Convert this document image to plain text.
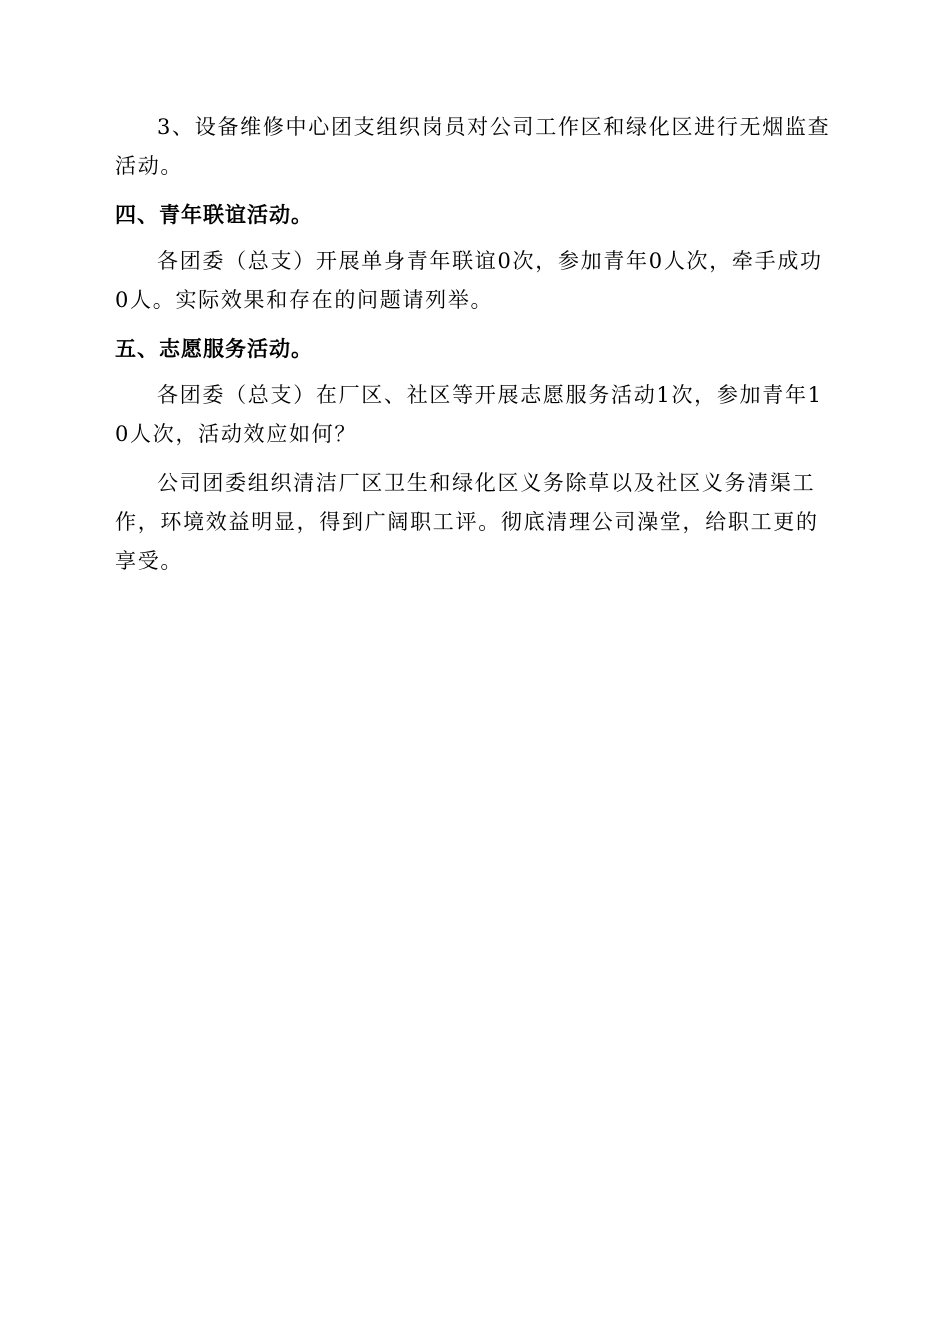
3、设备维修中心团支组织岗员对公司工作区和绿化区进行无烟监查活动。

四、青年联谊活动。

各团委（总支）开展单身青年联谊0次，参加青年0人次，牵手成功0人。实际效果和存在的问题请列举。

五、志愿服务活动。

各团委（总支）在厂区、社区等开展志愿服务活动1次，参加青年10人次，活动效应如何？

公司团委组织清洁厂区卫生和绿化区义务除草以及社区义务清渠工作，环境效益明显，得到广阔职工评。彻底清理公司澡堂，给职工更的享受。
